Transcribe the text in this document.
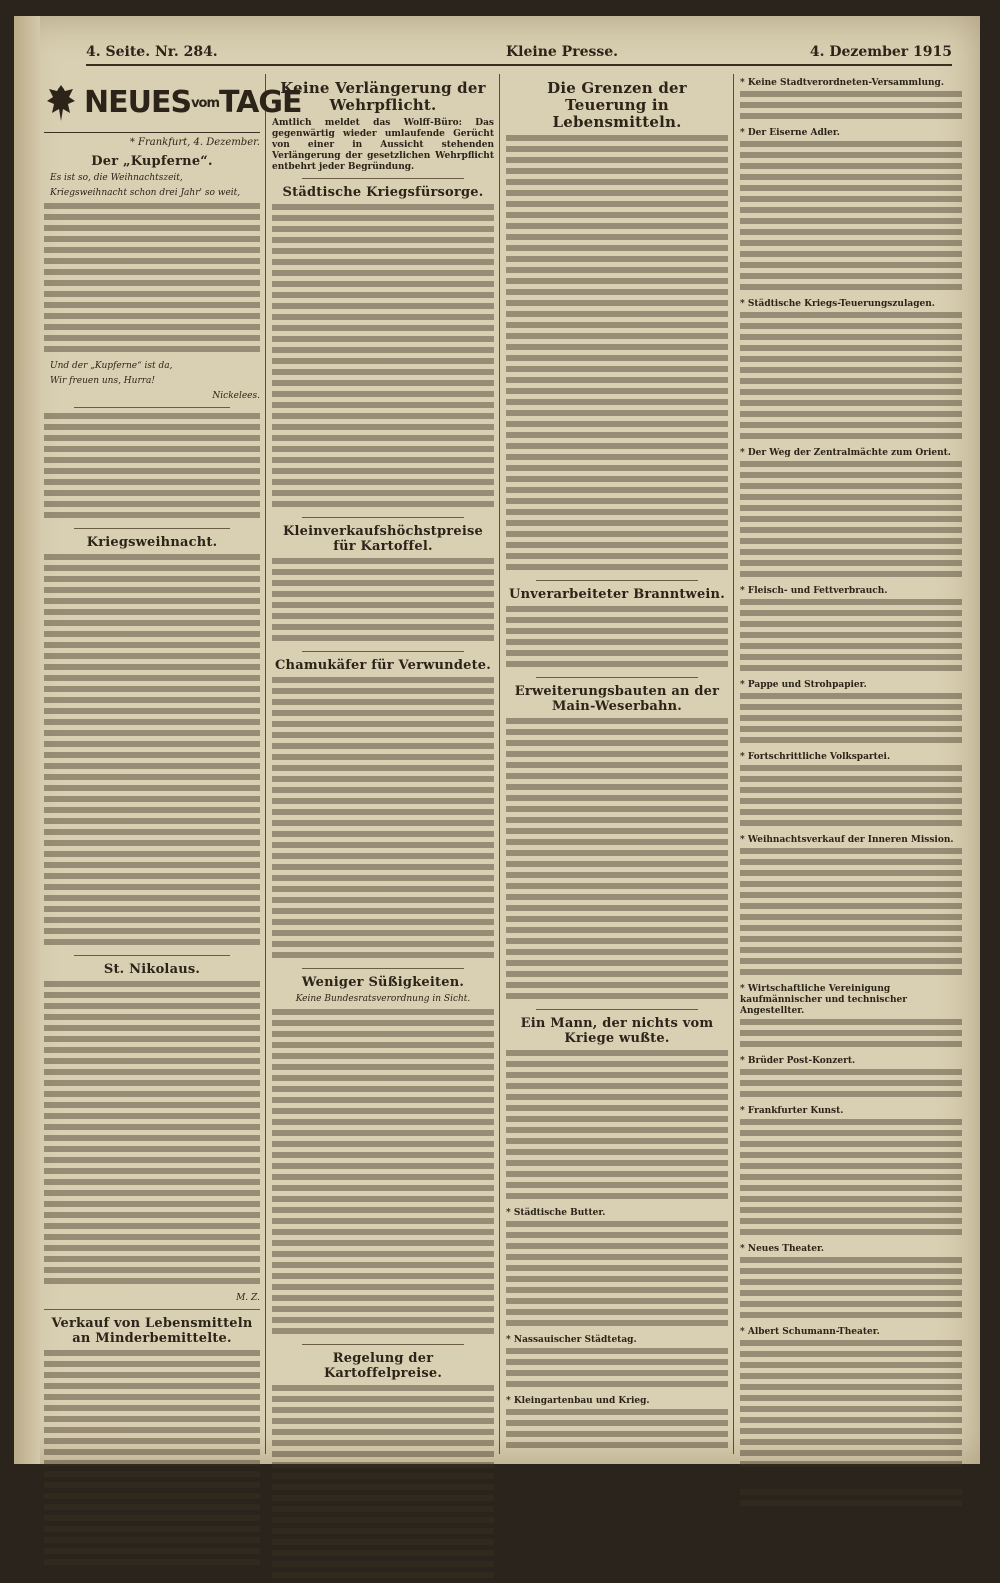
4. Seite. Nr. 284.	Kleine Presse.	4. Dezember 1915
NEUESvomTAGE
* Frankfurt, 4. Dezember.
Der „Kupferne“.
Es ist so, die Weihnachtszeit,
Kriegsweihnacht schon drei Jahr' so weit,
Und der „Kupferne“ ist da,
Wir freuen uns, Hurra!
Nickelees.
Kriegsweihnacht.
St. Nikolaus.
M. Z.
Verkauf von Lebensmitteln an Minderbemittelte.
Keine Verlängerung der Wehrpflicht.

Amtlich meldet das Wolff-Büro: Das gegenwärtig wieder umlaufende Gerücht von einer in Aussicht stehenden Verlängerung der gesetzlichen Wehrpflicht entbehrt jeder Begründung.

Städtische Kriegsfürsorge.
Kleinverkaufshöchstpreise für Kartoffel.
Chamukäfer für Verwundete.
Weniger Süßigkeiten.
Keine Bundesratsverordnung in Sicht.
Regelung der Kartoffelpreise.
Die Grenzen der Teuerung in Lebensmitteln.
Unverarbeiteter Branntwein.
Erweiterungsbauten an der Main-Weserbahn.
Ein Mann, der nichts vom Kriege wußte.

* Städtische Butter.

* Nassauischer Städtetag.

* Kleingartenbau und Krieg.

* Keine Stadtverordneten-Versammlung.

* Der Eiserne Adler.

* Städtische Kriegs-Teuerungszulagen.

* Der Weg der Zentralmächte zum Orient.

* Fleisch- und Fettverbrauch.

* Pappe und Strohpapier.

* Fortschrittliche Volkspartei.

* Weihnachtsverkauf der Inneren Mission.

* Wirtschaftliche Vereinigung kaufmännischer und technischer Angestellter.

* Brüder Post-Konzert.

* Frankfurter Kunst.

* Neues Theater.

* Albert Schumann-Theater.

* Kellerbrand.
